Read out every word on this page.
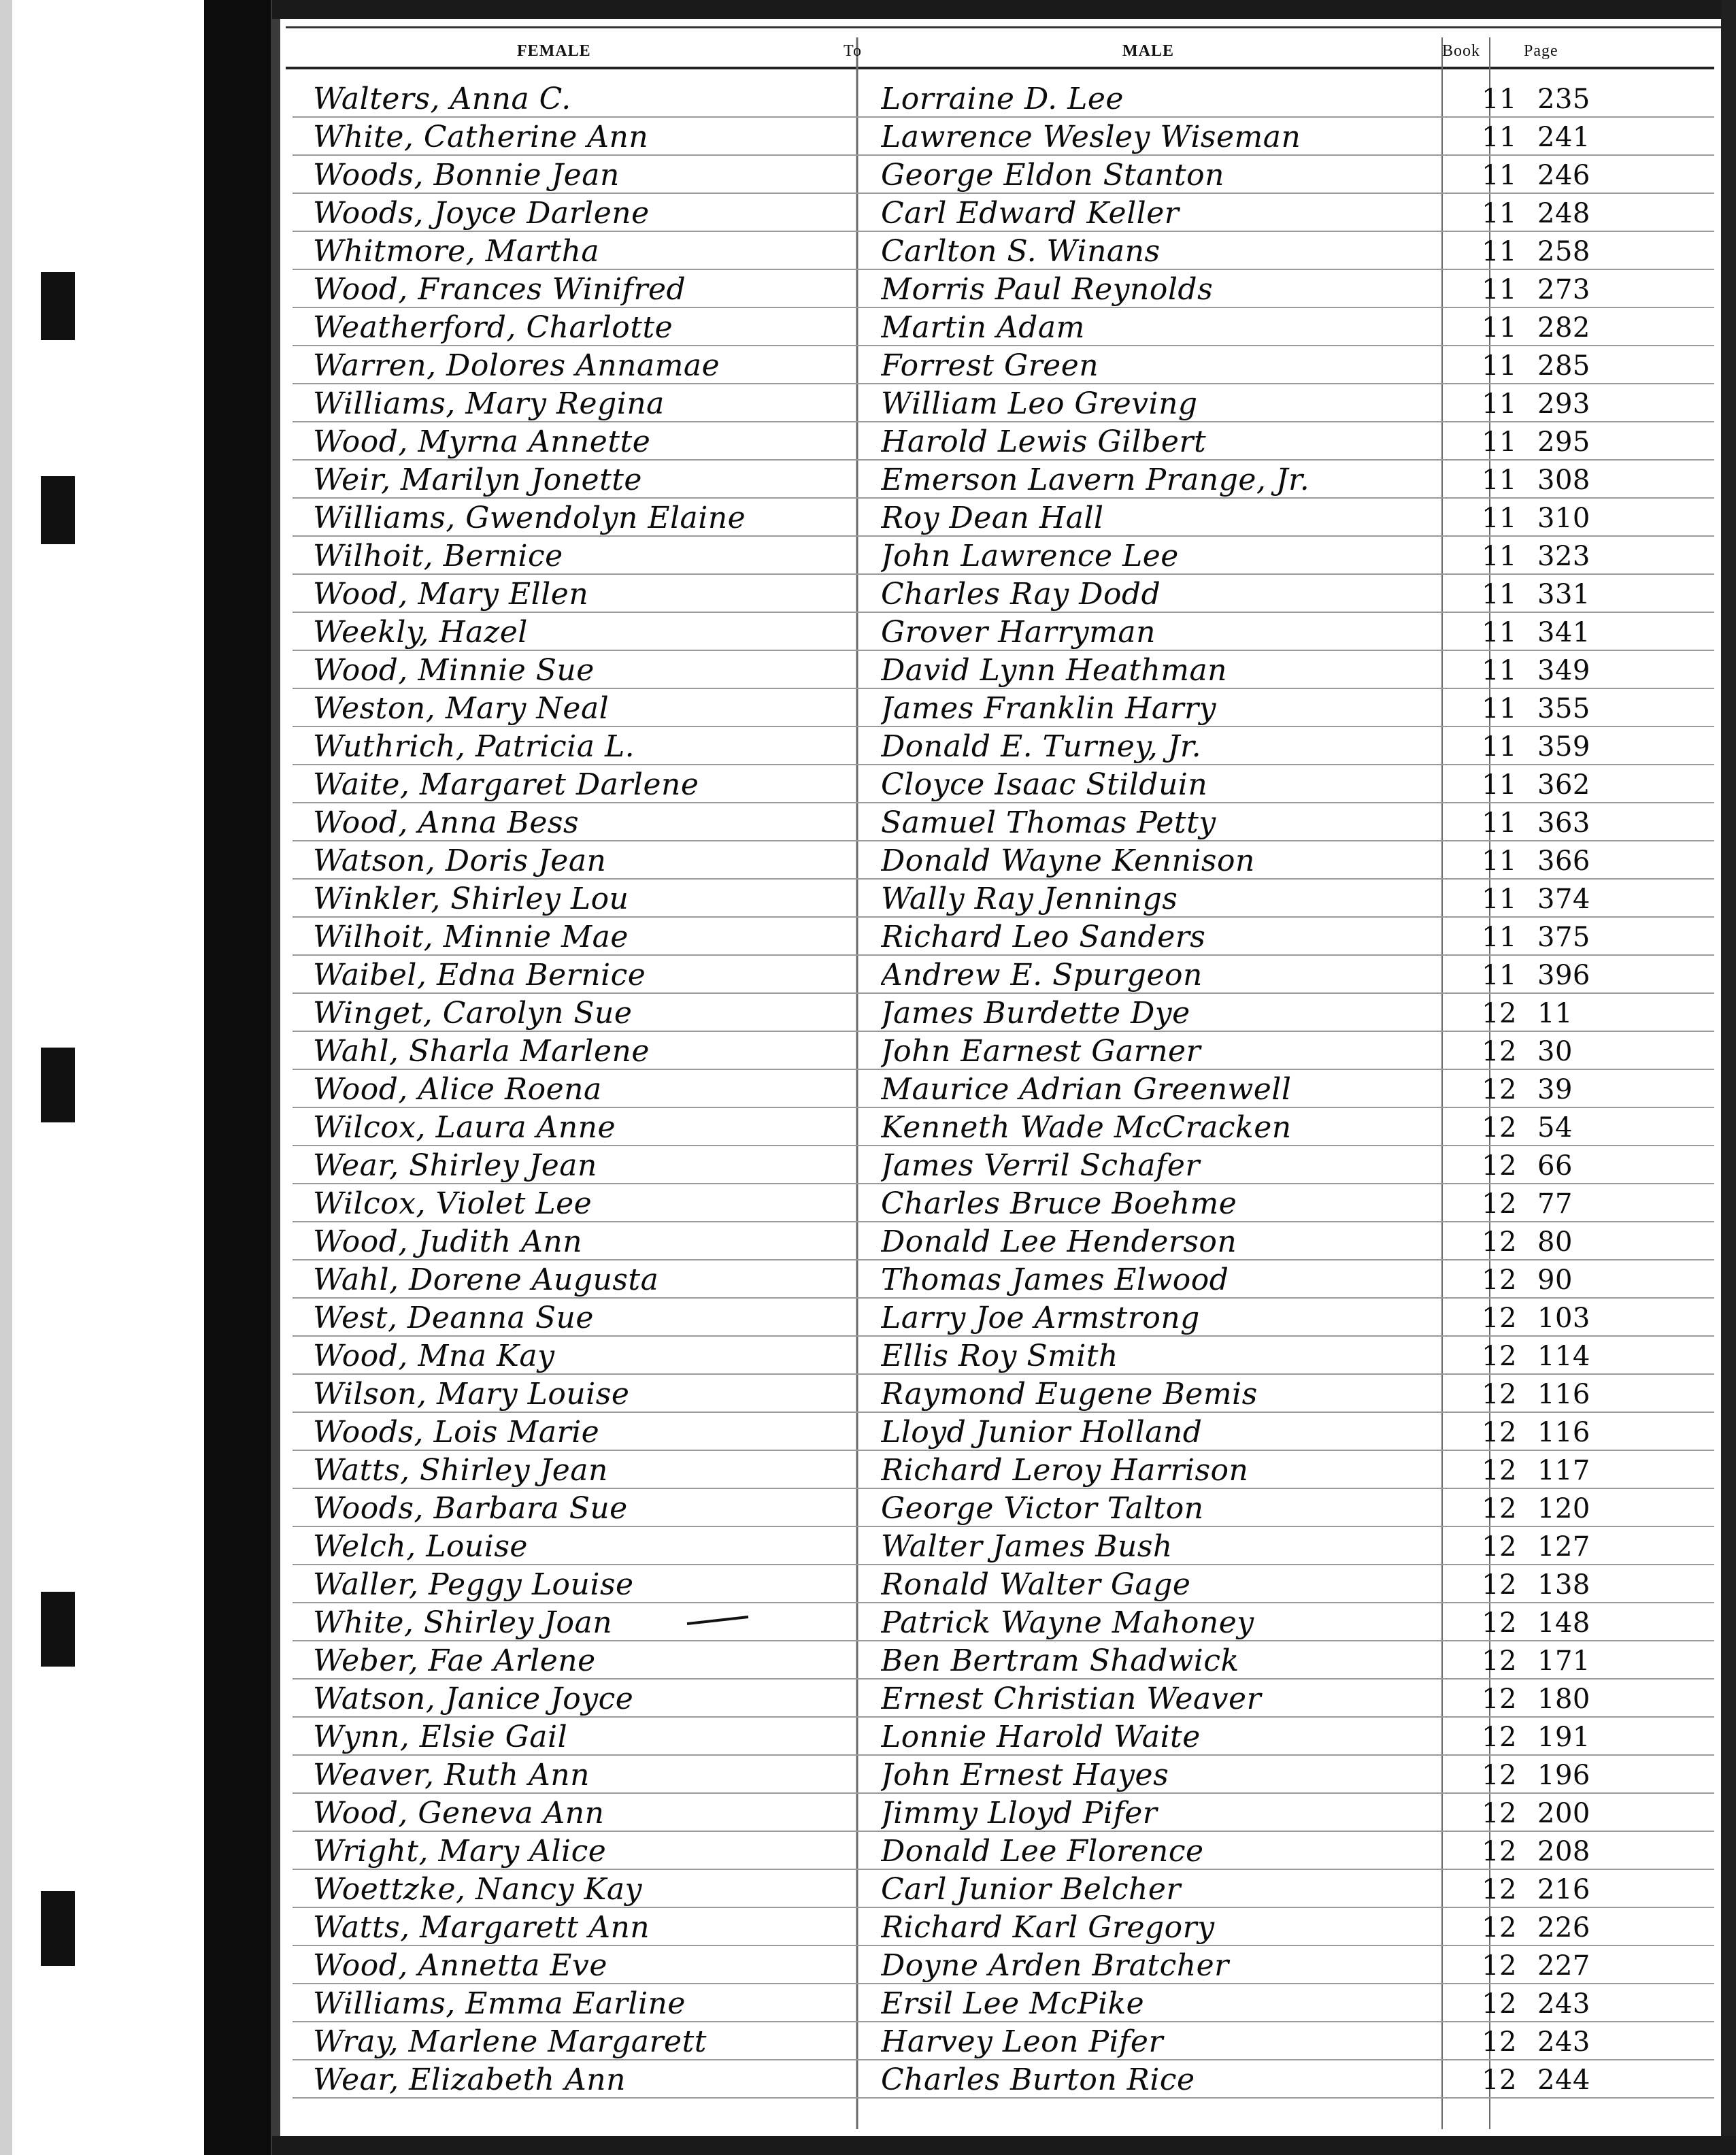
FEMALE	To	MALE	Book	Page
Walters, Anna C.	Lorraine D. Lee	11 235
White, Catherine Ann	Lawrence Wesley Wiseman	11 241
Woods, Bonnie Jean	George Eldon Stanton	11 246
Woods, Joyce Darlene	Carl Edward Keller	11 248
Whitmore, Martha	Carlton S. Winans	11 258
Wood, Frances Winifred	Morris Paul Reynolds	11 273
Weatherford, Charlotte	Martin Adam	11 282
Warren, Dolores Annamae	Forrest Green	11 285
Williams, Mary Regina	William Leo Greving	11 293
Wood, Myrna Annette	Harold Lewis Gilbert	11 295
Weir, Marilyn Jonette	Emerson Lavern Prange, Jr.	11 308
Williams, Gwendolyn Elaine	Roy Dean Hall	11 310
Wilhoit, Bernice	John Lawrence Lee	11 323
Wood, Mary Ellen	Charles Ray Dodd	11 331
Weekly, Hazel	Grover Harryman	11 341
Wood, Minnie Sue	David Lynn Heathman	11 349
Weston, Mary Neal	James Franklin Harry	11 355
Wuthrich, Patricia L.	Donald E. Turney, Jr.	11 359
Waite, Margaret Darlene	Cloyce Isaac Stilduin	11 362
Wood, Anna Bess	Samuel Thomas Petty	11 363
Watson, Doris Jean	Donald Wayne Kennison	11 366
Winkler, Shirley Lou	Wally Ray Jennings	11 374
Wilhoit, Minnie Mae	Richard Leo Sanders	11 375
Waibel, Edna Bernice	Andrew E. Spurgeon	11 396
Winget, Carolyn Sue	James Burdette Dye	12 11
Wahl, Sharla Marlene	John Earnest Garner	12 30
Wood, Alice Roena	Maurice Adrian Greenwell	12 39
Wilcox, Laura Anne	Kenneth Wade McCracken	12 54
Wear, Shirley Jean	James Verril Schafer	12 66
Wilcox, Violet Lee	Charles Bruce Boehme	12 77
Wood, Judith Ann	Donald Lee Henderson	12 80
Wahl, Dorene Augusta	Thomas James Elwood	12 90
West, Deanna Sue	Larry Joe Armstrong	12 103
Wood, Mna Kay	Ellis Roy Smith	12 114
Wilson, Mary Louise	Raymond Eugene Bemis	12 116
Woods, Lois Marie	Lloyd Junior Holland	12 116
Watts, Shirley Jean	Richard Leroy Harrison	12 117
Woods, Barbara Sue	George Victor Talton	12 120
Welch, Louise	Walter James Bush	12 127
Waller, Peggy Louise	Ronald Walter Gage	12 138
White, Shirley Joan	Patrick Wayne Mahoney	12 148
Weber, Fae Arlene	Ben Bertram Shadwick	12 171
Watson, Janice Joyce	Ernest Christian Weaver	12 180
Wynn, Elsie Gail	Lonnie Harold Waite	12 191
Weaver, Ruth Ann	John Ernest Hayes	12 196
Wood, Geneva Ann	Jimmy Lloyd Pifer	12 200
Wright, Mary Alice	Donald Lee Florence	12 208
Woettzke, Nancy Kay	Carl Junior Belcher	12 216
Watts, Margarett Ann	Richard Karl Gregory	12 226
Wood, Annetta Eve	Doyne Arden Bratcher	12 227
Williams, Emma Earline	Ersil Lee McPike	12 243
Wray, Marlene Margarett	Harvey Leon Pifer	12 243
Wear, Elizabeth Ann	Charles Burton Rice	12 244
